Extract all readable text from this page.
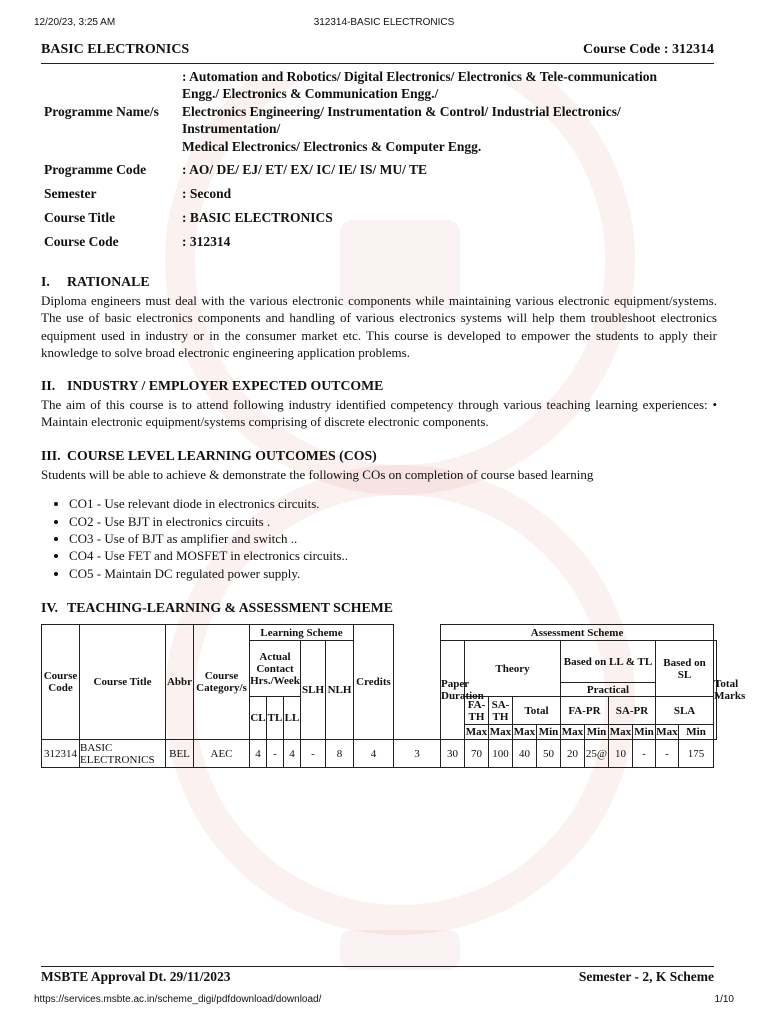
12/20/23, 3:25 AM	312314-BASIC ELECTRONICS
BASIC ELECTRONICS	Course Code : 312314
Programme Name/s
: Automation and Robotics/ Digital Electronics/ Electronics & Tele-communication
Engg./ Electronics & Communication Engg./
Electronics Engineering/ Instrumentation & Control/ Industrial Electronics/
Instrumentation/
Medical Electronics/ Electronics & Computer Engg.
Programme Code	: AO/ DE/ EJ/ ET/ EX/ IC/ IE/ IS/ MU/ TE
Semester	: Second
Course Title	: BASIC ELECTRONICS
Course Code	: 312314
I. RATIONALE

Diploma engineers must deal with the various electronic components while maintaining various electronic equipment/systems. The use of basic electronics components and handling of various electronics systems will help them troubleshoot electronics equipment used in industry or in the consumer market etc. This course is developed to empower the students to apply their knowledge to solve broad electronic engineering application problems.

II. INDUSTRY / EMPLOYER EXPECTED OUTCOME

The aim of this course is to attend following industry identified competency through various teaching learning experiences: • Maintain electronic equipment/systems comprising of discrete electronic components.

III. COURSE LEVEL LEARNING OUTCOMES (COS)

Students will be able to achieve & demonstrate the following COs on completion of course based learning

• CO1 - Use relevant diode in electronics circuits.
• CO2 - Use BJT in electronics circuits .
• CO3 - Use of BJT as amplifier and switch ..
• CO4 - Use FET and MOSFET in electronics circuits..
• CO5 - Maintain DC regulated power supply.
IV. TEACHING-LEARNING & ASSESSMENT SCHEME
Course Code	Course Title	Abbr	Course Category/s	Learning Scheme					Credits		Assessment Scheme											
				Actual Contact Hrs./Week			SLH	NLH			Paper Duration	Theory				Based on LL & TL				Based on SL		Total Marks
																Practical						
				CL	TL	LL						FA-TH	SA-TH	Total		FA-PR		SA-PR		SLA		
												Max	Max	Max	Min	Max	Min	Max	Min	Max	Min	
312314	BASIC ELECTRONICS	BEL	AEC	4	-	4	-	8	4	3	30	70	100	40	50	20	25@	10	-	-	175	
MSBTE Approval Dt. 29/11/2023	Semester - 2, K Scheme
https://services.msbte.ac.in/scheme_digi/pdfdownload/download/	1/10
